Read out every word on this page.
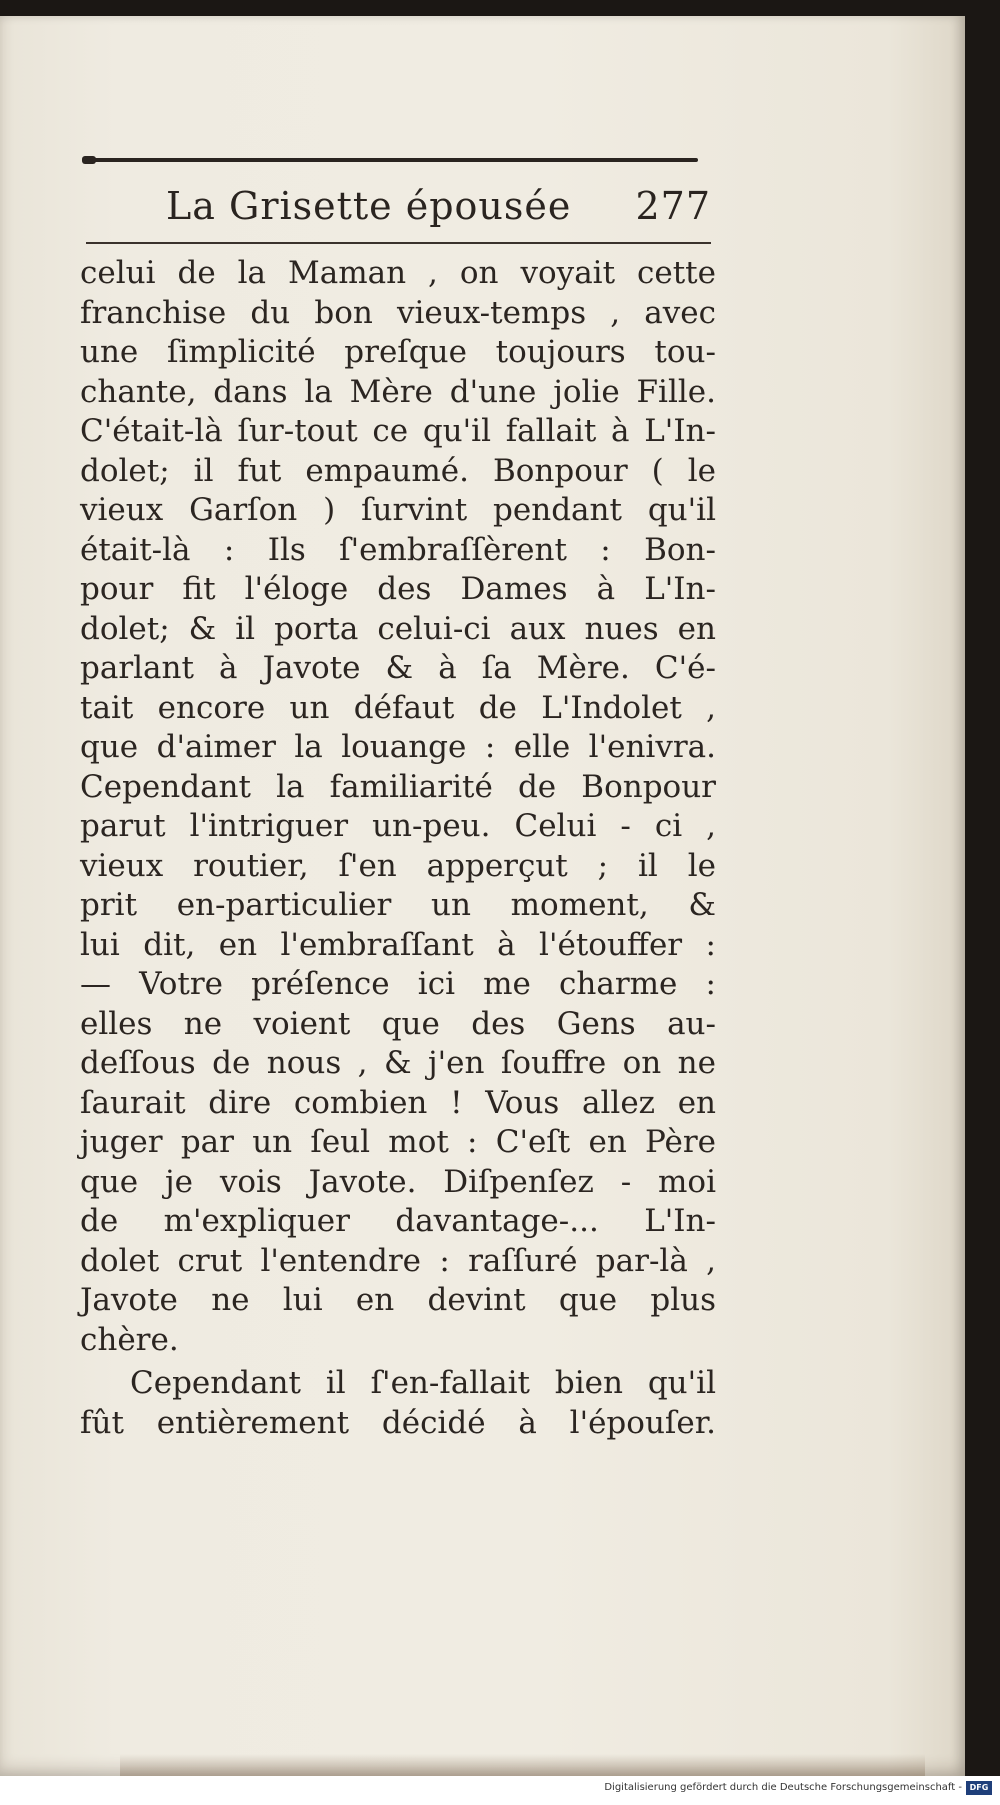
La Grisette épousée 277
celui de la Maman , on voyait cette
franchise du bon vieux-temps , avec
une ſimplicité preſque toujours tou-
chante, dans la Mère d'une jolie Fille.
C'était-là ſur-tout ce qu'il fallait à L'In-
dolet; il fut empaumé. Bonpour ( le
vieux Garſon ) ſurvint pendant qu'il
était-là : Ils ſ'embraſſèrent : Bon-
pour fit l'éloge des Dames à L'In-
dolet; & il porta celui-ci aux nues en
parlant à Javote & à ſa Mère. C'é-
tait encore un défaut de L'Indolet ,
que d'aimer la louange : elle l'enivra.
Cependant la familiarité de Bonpour
parut l'intriguer un-peu. Celui - ci ,
vieux routier, ſ'en apperçut ; il le
prit en-particulier un moment, &
lui dit, en l'embraſſant à l'étouffer :
— Votre préſence ici me charme :
elles ne voient que des Gens au-
deſſous de nous , & j'en ſouffre on ne
ſaurait dire combien ! Vous allez en
juger par un ſeul mot : C'eſt en Père
que je vois Javote. Diſpenſez - moi
de m'expliquer davantage-... L'In-
dolet crut l'entendre : raſſuré par-là ,
Javote ne lui en devint que plus
chère.
Cependant il ſ'en-fallait bien qu'il
fût entièrement décidé à l'épouſer.
Digitalisierung gefördert durch die Deutsche Forschungsgemeinschaft - DFG
